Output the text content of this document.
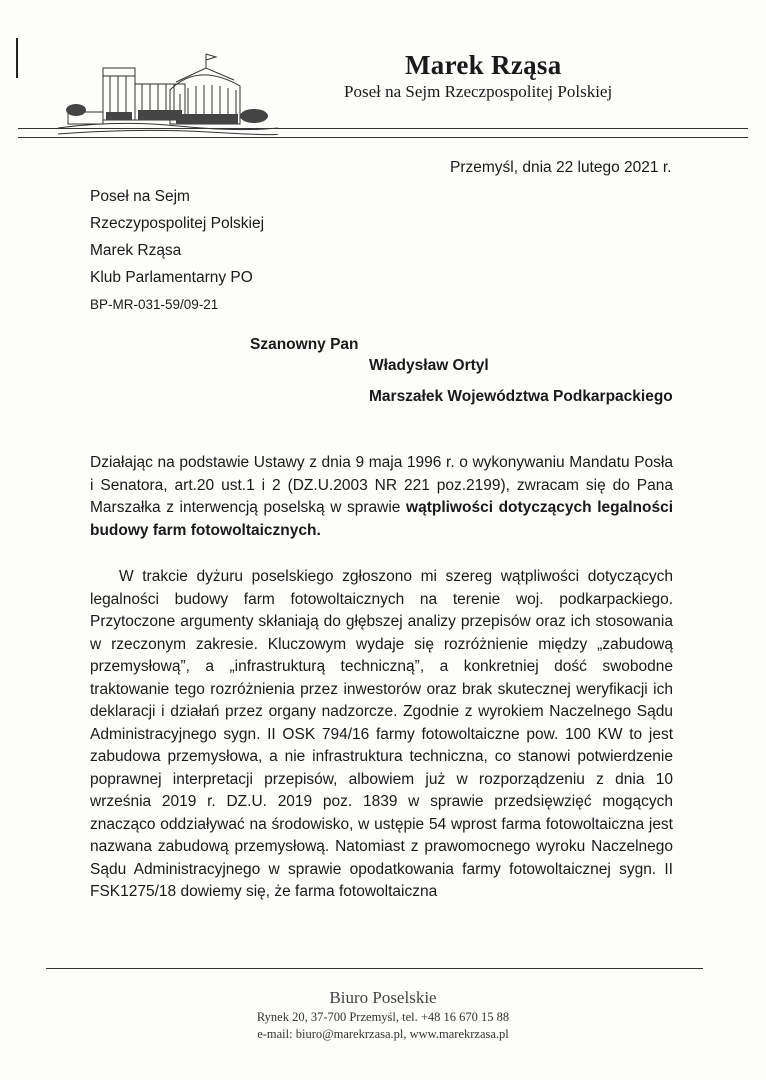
Marek Rząsa
Poseł na Sejm Rzeczpospolitej Polskiej
Przemyśl, dnia 22 lutego 2021 r.
Poseł na Sejm
Rzeczypospolitej Polskiej
Marek Rząsa
Klub Parlamentarny PO
BP-MR-031-59/09-21
Szanowny Pan
Władysław Ortyl
Marszałek Województwa Podkarpackiego
Działając na podstawie Ustawy z dnia 9 maja 1996 r. o wykonywaniu Mandatu Posła i Senatora, art.20 ust.1 i 2 (DZ.U.2003 NR 221 poz.2199), zwracam się do Pana Marszałka z interwencją poselską w sprawie wątpliwości dotyczących legalności budowy farm fotowoltaicznych.
W trakcie dyżuru poselskiego zgłoszono mi szereg wątpliwości dotyczących legalności budowy farm fotowoltaicznych na terenie woj. podkarpackiego. Przytoczone argumenty skłaniają do głębszej analizy przepisów oraz ich stosowania w rzeczonym zakresie. Kluczowym wydaje się rozróżnienie między „zabudową przemysłową”, a „infrastrukturą techniczną”, a konkretniej dość swobodne traktowanie tego rozróżnienia przez inwestorów oraz brak skutecznej weryfikacji ich deklaracji i działań przez organy nadzorcze. Zgodnie z wyrokiem Naczelnego Sądu Administracyjnego sygn. II OSK 794/16 farmy fotowoltaiczne pow. 100 KW to jest zabudowa przemysłowa, a nie infrastruktura techniczna, co stanowi potwierdzenie poprawnej interpretacji przepisów, albowiem już w rozporządzeniu z dnia 10 września 2019 r. DZ.U. 2019 poz. 1839 w sprawie przedsięwzięć mogących znacząco oddziaływać na środowisko, w ustępie 54 wprost farma fotowoltaiczna jest nazwana zabudową przemysłową. Natomiast z prawomocnego wyroku Naczelnego Sądu Administracyjnego w sprawie opodatkowania farmy fotowoltaicznej sygn. II FSK1275/18 dowiemy się, że farma fotowoltaiczna
Biuro Poselskie
Rynek 20, 37-700 Przemyśl, tel. +48 16 670 15 88
e-mail: biuro@marekrzasa.pl, www.marekrzasa.pl
